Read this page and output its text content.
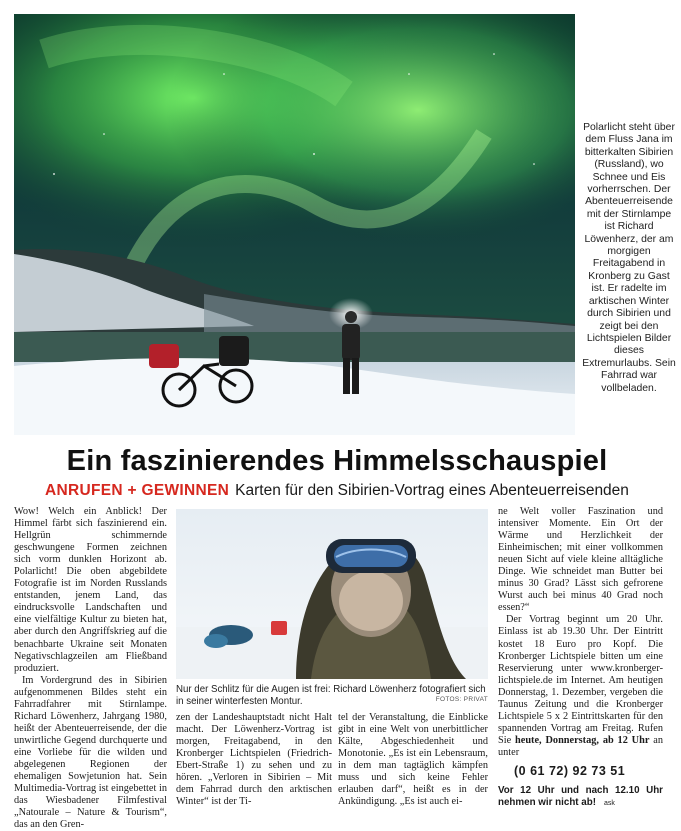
Polarlicht steht über dem Fluss Jana im bitterkalten Sibirien (Russland), wo Schnee und Eis vorherrschen. Der Abenteuerreisende mit der Stirnlampe ist Richard Löwenherz, der am morgigen Freitagabend in Kronberg zu Gast ist. Er radelte im arktischen Winter durch Sibirien und zeigt bei den Lichtspielen Bilder dieses Extremurlaubs. Sein Fahrrad war vollbeladen.
Ein faszinierendes Himmelsschauspiel
ANRUFEN + GEWINNEN Karten für den Sibirien-Vortrag eines Abenteuerreisenden

Wow! Welch ein Anblick! Der Himmel färbt sich faszinierend ein. Hellgrün schimmernde geschwungene Formen zeichnen sich vorm dunklen Horizont ab. Polarlicht! Die oben abgebildete Fotografie ist im Norden Russlands entstanden, jenem Land, das eindrucksvolle Landschaften und eine vielfältige Kultur zu bieten hat, aber durch den Angriffskrieg auf die benachbarte Ukraine seit Monaten Negativschlagzeilen am Fließband produziert.

Im Vordergrund des in Sibirien aufgenommenen Bildes steht ein Fahrradfahrer mit Stirnlampe. Richard Löwenherz, Jahrgang 1980, heißt der Abenteuerreisende, der die unwirtliche Gegend durchquerte und eine Vorliebe für die wilden und abgelegenen Regionen der ehemaligen Sowjetunion hat. Sein Multimedia-Vortrag ist eingebettet in das Wiesbadener Filmfestival „Natourale – Nature & Tourism“, das an den Gren-

Nur der Schlitz für die Augen ist frei: Richard Löwenherz fotografiert sich in seiner winterfesten Montur.	FOTOS: PRIVAT

zen der Landeshauptstadt nicht Halt macht. Der Löwenherz-Vortrag ist morgen, Freitagabend, in den Kronberger Lichtspielen (Friedrich-Ebert-Straße 1) zu sehen und zu hören. „Verloren in Sibirien – Mit dem Fahrrad durch den arktischen Winter“ ist der Ti-

tel der Veranstaltung, die Einblicke gibt in eine Welt von unerbittlicher Kälte, Abgeschiedenheit und Monotonie. „Es ist ein Lebensraum, in dem man tagtäglich kämpfen muss und sich keine Fehler erlauben darf“, heißt es in der Ankündigung. „Es ist auch ei-

ne Welt voller Faszination und intensiver Momente. Ein Ort der Wärme und Herzlichkeit der Einheimischen; mit einer vollkommen neuen Sicht auf viele kleine alltägliche Dinge. Wie schneidet man Butter bei minus 30 Grad? Lässt sich gefrorene Wurst auch bei minus 40 Grad noch essen?“

Der Vortrag beginnt um 20 Uhr. Einlass ist ab 19.30 Uhr. Der Eintritt kostet 18 Euro pro Kopf. Die Kronberger Lichtspiele bitten um eine Reservierung unter www.kronberger-lichtspiele.de im Internet. Am heutigen Donnerstag, 1. Dezember, vergeben die Taunus Zeitung und die Kronberger Lichtspiele 5 x 2 Eintrittskarten für den spannenden Vortrag am Freitag. Rufen Sie heute, Donnerstag, ab 12 Uhr an unter

(0 61 72) 92 73 51
Vor 12 Uhr und nach 12.10 Uhr nehmen wir nicht ab! ask
